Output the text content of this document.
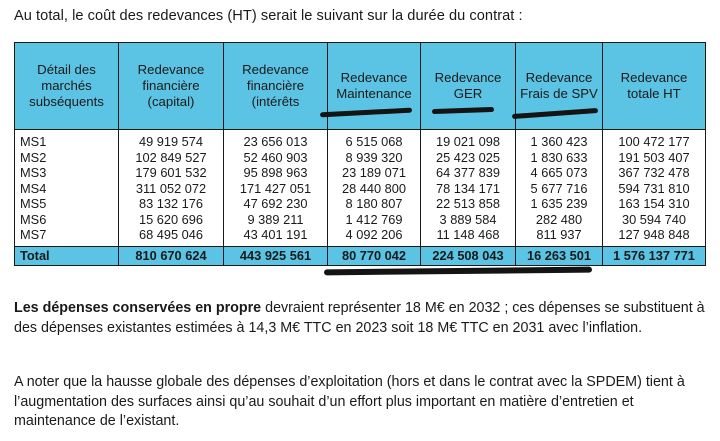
Au total, le coût des redevances (HT) serait le suivant sur la durée du contrat :
Détail des marchés subséquents	Redevance financière (capital)	Redevance financière (intérêts	Redevance Maintenance	Redevance GER	Redevance Frais de SPV	Redevance totale HT
MS1	49 919 574	23 656 013	6 515 068	19 021 098	1 360 423	100 472 177
MS2	102 849 527	52 460 903	8 939 320	25 423 025	1 830 633	191 503 407
MS3	179 601 532	95 898 963	23 189 071	64 377 839	4 665 073	367 732 478
MS4	311 052 072	171 427 051	28 440 800	78 134 171	5 677 716	594 731 810
MS5	83 132 176	47 692 230	8 180 807	22 513 858	1 635 239	163 154 310
MS6	15 620 696	9 389 211	1 412 769	3 889 584	282 480	30 594 740
MS7	68 495 046	43 401 191	4 092 206	11 148 468	811 937	127 948 848
Total	810 670 624	443 925 561	80 770 042	224 508 043	16 263 501	1 576 137 771

Les dépenses conservées en propre devraient représenter 18 M€ en 2032 ; ces dépenses se substituent à des dépenses existantes estimées à 14,3 M€ TTC en 2023 soit 18 M€ TTC en 2031 avec l’inflation.

A noter que la hausse globale des dépenses d’exploitation (hors et dans le contrat avec la SPDEM) tient à l’augmentation des surfaces ainsi qu’au souhait d’un effort plus important en matière d’entretien et maintenance de l’existant.
